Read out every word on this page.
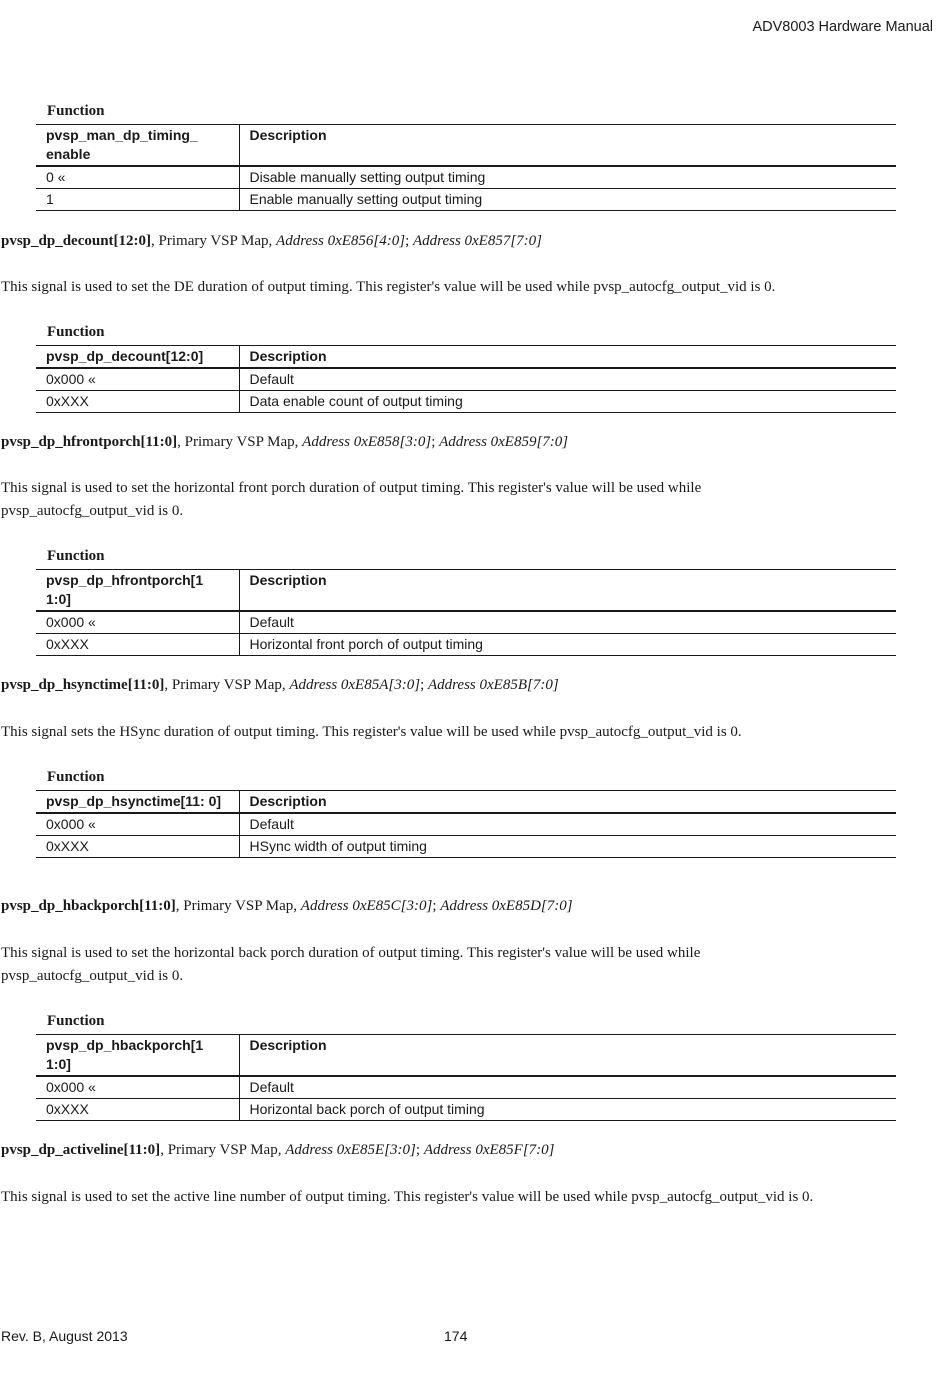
ADV8003 Hardware Manual
Function
pvsp_man_dp_timing_ enable	Description
0 «	Disable manually setting output timing
1	Enable manually setting output timing
pvsp_dp_decount[12:0], Primary VSP Map, Address 0xE856[4:0]; Address 0xE857[7:0]
This signal is used to set the DE duration of output timing. This register's value will be used while pvsp_autocfg_output_vid is 0.
Function
pvsp_dp_decount[12:0]	Description
0x000 «	Default
0xXXX	Data enable count of output timing
pvsp_dp_hfrontporch[11:0], Primary VSP Map, Address 0xE858[3:0]; Address 0xE859[7:0]
This signal is used to set the horizontal front porch duration of output timing. This register's value will be used while pvsp_autocfg_output_vid is 0.
Function
pvsp_dp_hfrontporch[1 1:0]	Description
0x000 «	Default
0xXXX	Horizontal front porch of output timing
pvsp_dp_hsynctime[11:0], Primary VSP Map, Address 0xE85A[3:0]; Address 0xE85B[7:0]
This signal sets the HSync duration of output timing. This register's value will be used while pvsp_autocfg_output_vid is 0.
Function
pvsp_dp_hsynctime[11: 0]	Description
0x000 «	Default
0xXXX	HSync width of output timing
pvsp_dp_hbackporch[11:0], Primary VSP Map, Address 0xE85C[3:0]; Address 0xE85D[7:0]
This signal is used to set the horizontal back porch duration of output timing. This register's value will be used while pvsp_autocfg_output_vid is 0.
Function
pvsp_dp_hbackporch[1 1:0]	Description
0x000 «	Default
0xXXX	Horizontal back porch of output timing
pvsp_dp_activeline[11:0], Primary VSP Map, Address 0xE85E[3:0]; Address 0xE85F[7:0]
This signal is used to set the active line number of output timing. This register's value will be used while pvsp_autocfg_output_vid is 0.
Rev. B, August 2013	174
